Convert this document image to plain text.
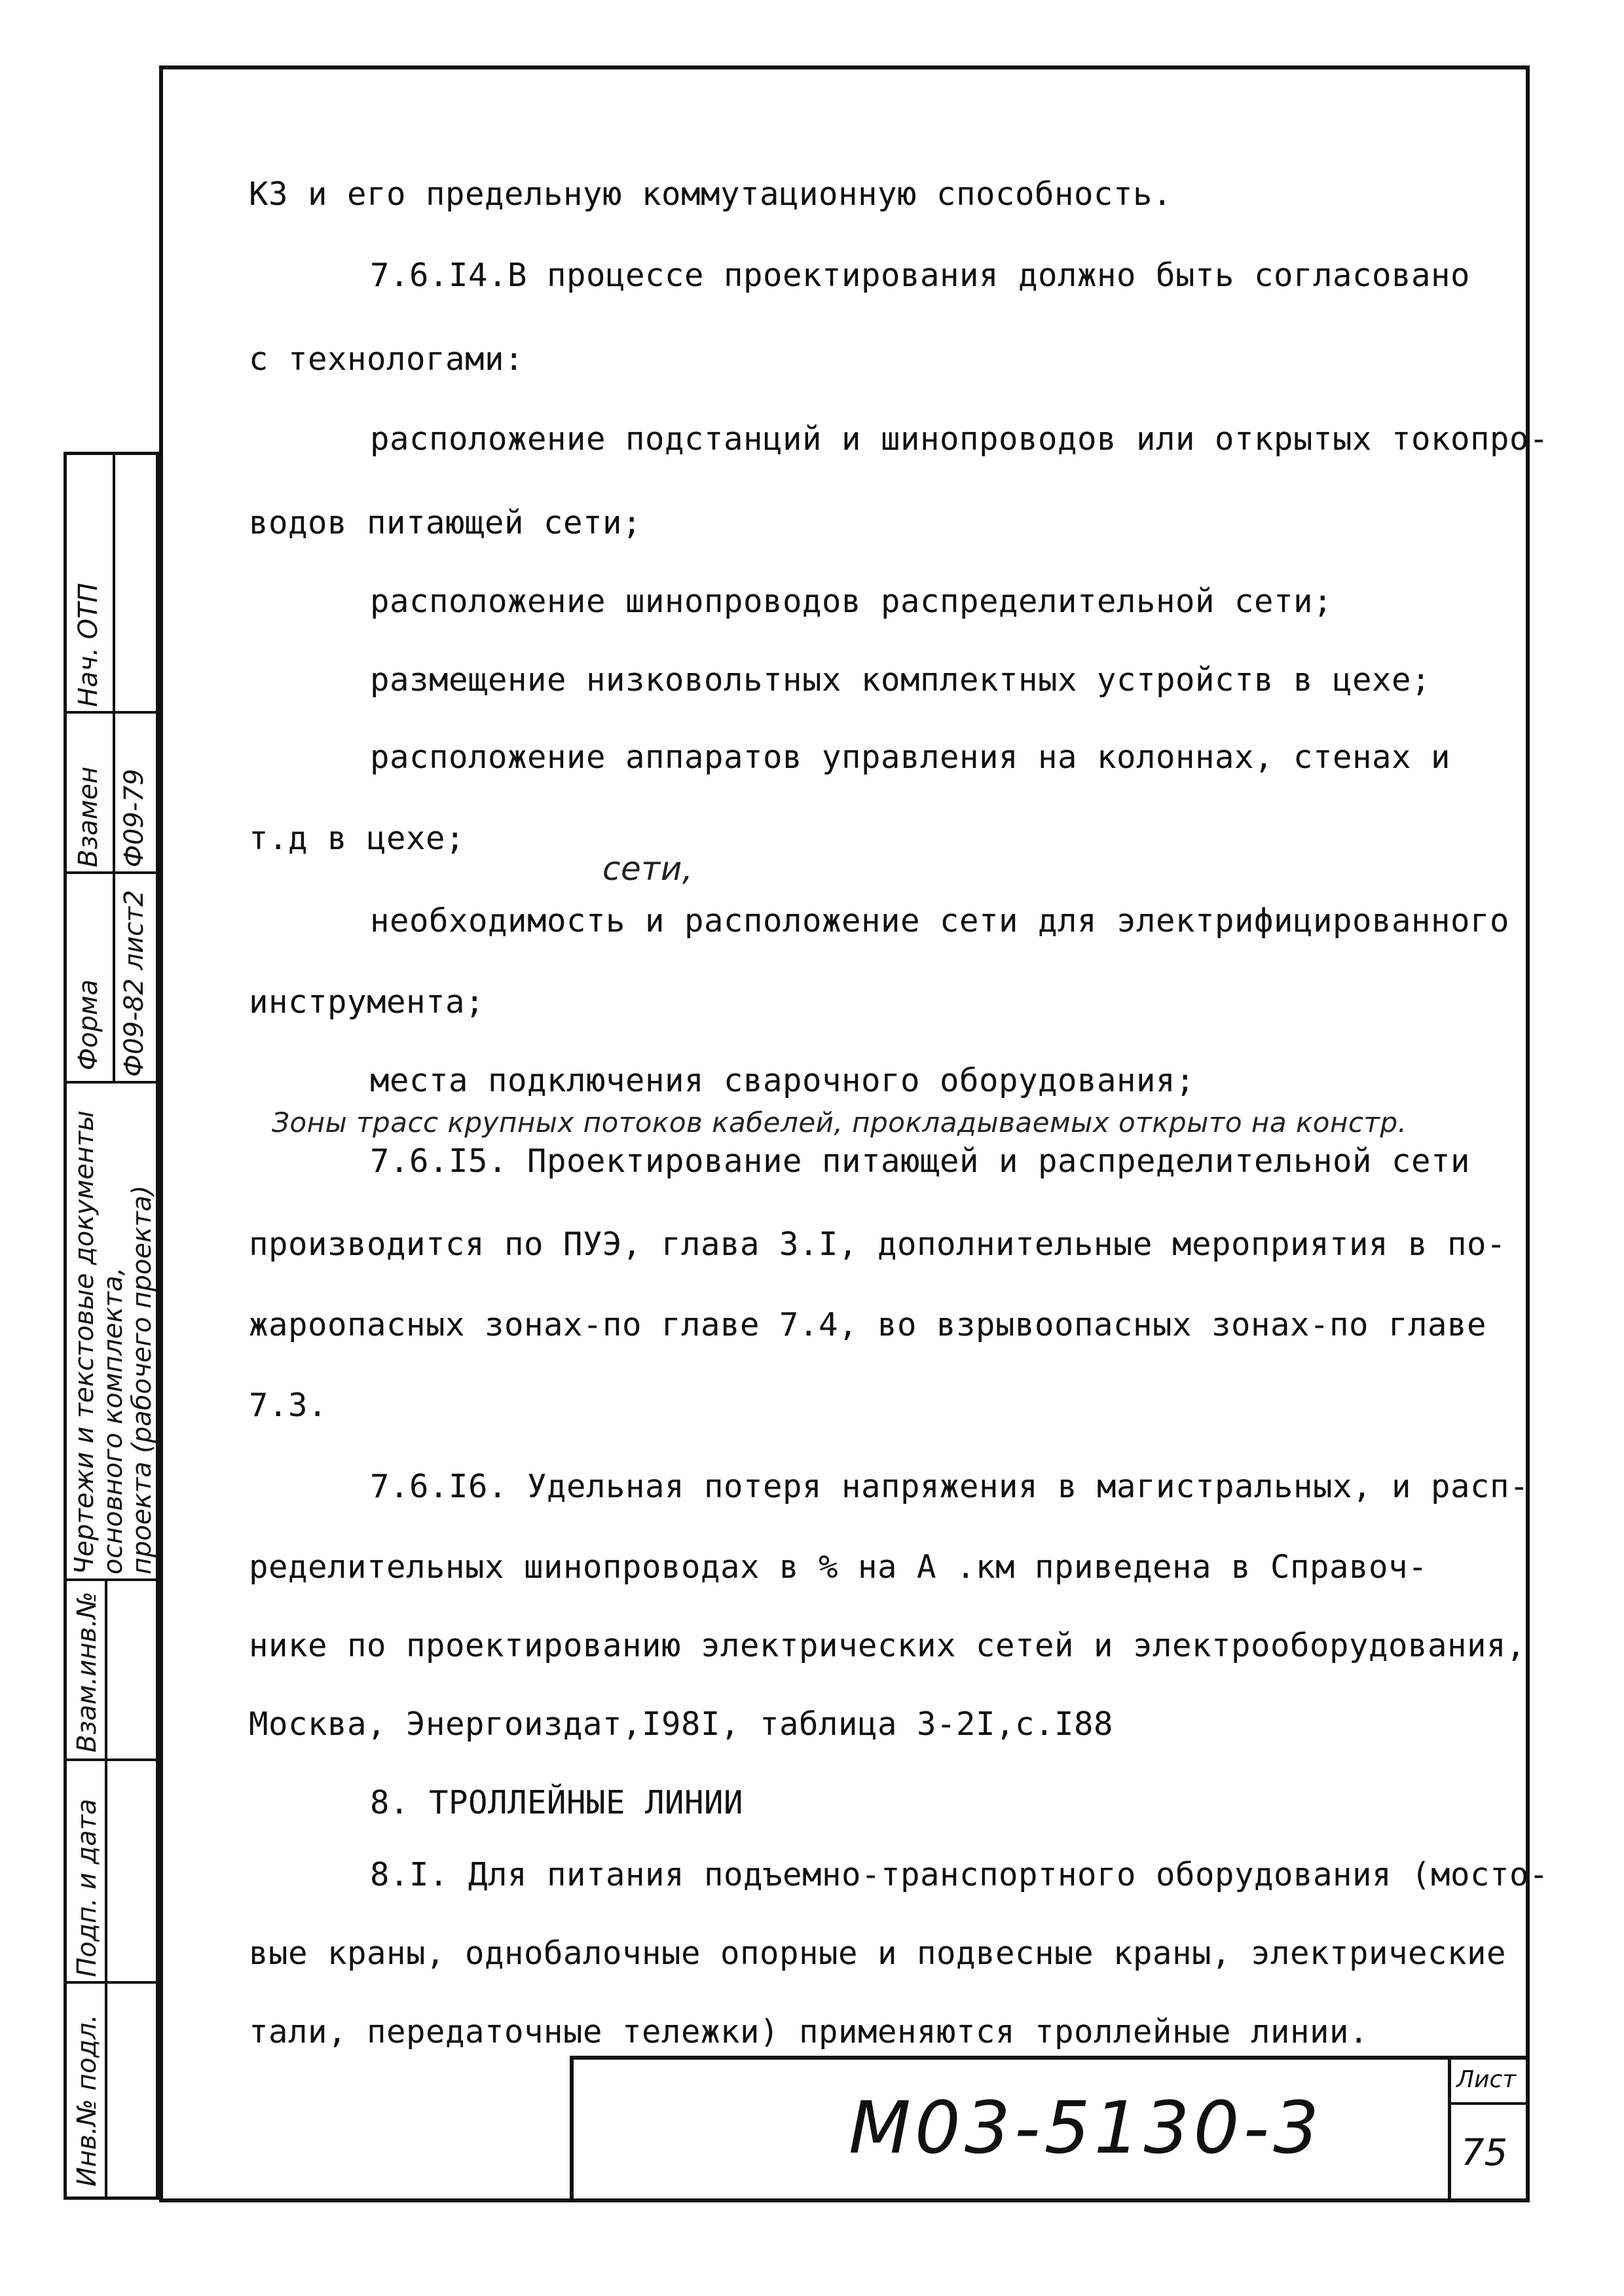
Нач. ОТП
Взамен Ф09-79
Форма Ф09-82 лист2
Чертежи и текстовые документы
основного комплекта,
проекта (рабочего проекта)
Взам.инв.№
Подп. и дата
Инв.№ подл.
КЗ и его предельную коммутационную способность.
7.6.I4.В процессе проектирования должно быть согласовано
с технологами:
расположение подстанций и шинопроводов или открытых токопро-
водов питающей сети;
расположение шинопроводов распределительной сети;
размещение низковольтных комплектных устройств в цехе;
расположение аппаратов управления на колоннах, стенах и
т.д в цехе;
сети,
необходимость и расположение сети для электрифицированного
инструмента;
места подключения сварочного оборудования;
Зоны трасс крупных потоков кабелей, прокладываемых открыто на констр.
7.6.I5. Проектирование питающей и распределительной сети
производится по ПУЭ, глава 3.I, дополнительные мероприятия в по-
жароопасных зонах-по главе 7.4, во взрывоопасных зонах-по главе
7.3.
7.6.I6. Удельная потеря напряжения в магистральных, и расп-
ределительных шинопроводах в % на А .км приведена в Справоч-
нике по проектированию электрических сетей и электрооборудования,
Москва, Энергоиздат,I98I, таблица 3-2I,с.I88
8. ТРОЛЛЕЙНЫЕ ЛИНИИ
8.I. Для питания подъемно-транспортного оборудования (мосто-
вые краны, однобалочные опорные и подвесные краны, электрические
тали, передаточные тележки) применяются троллейные линии.
М03-5130-3
Лист
75
